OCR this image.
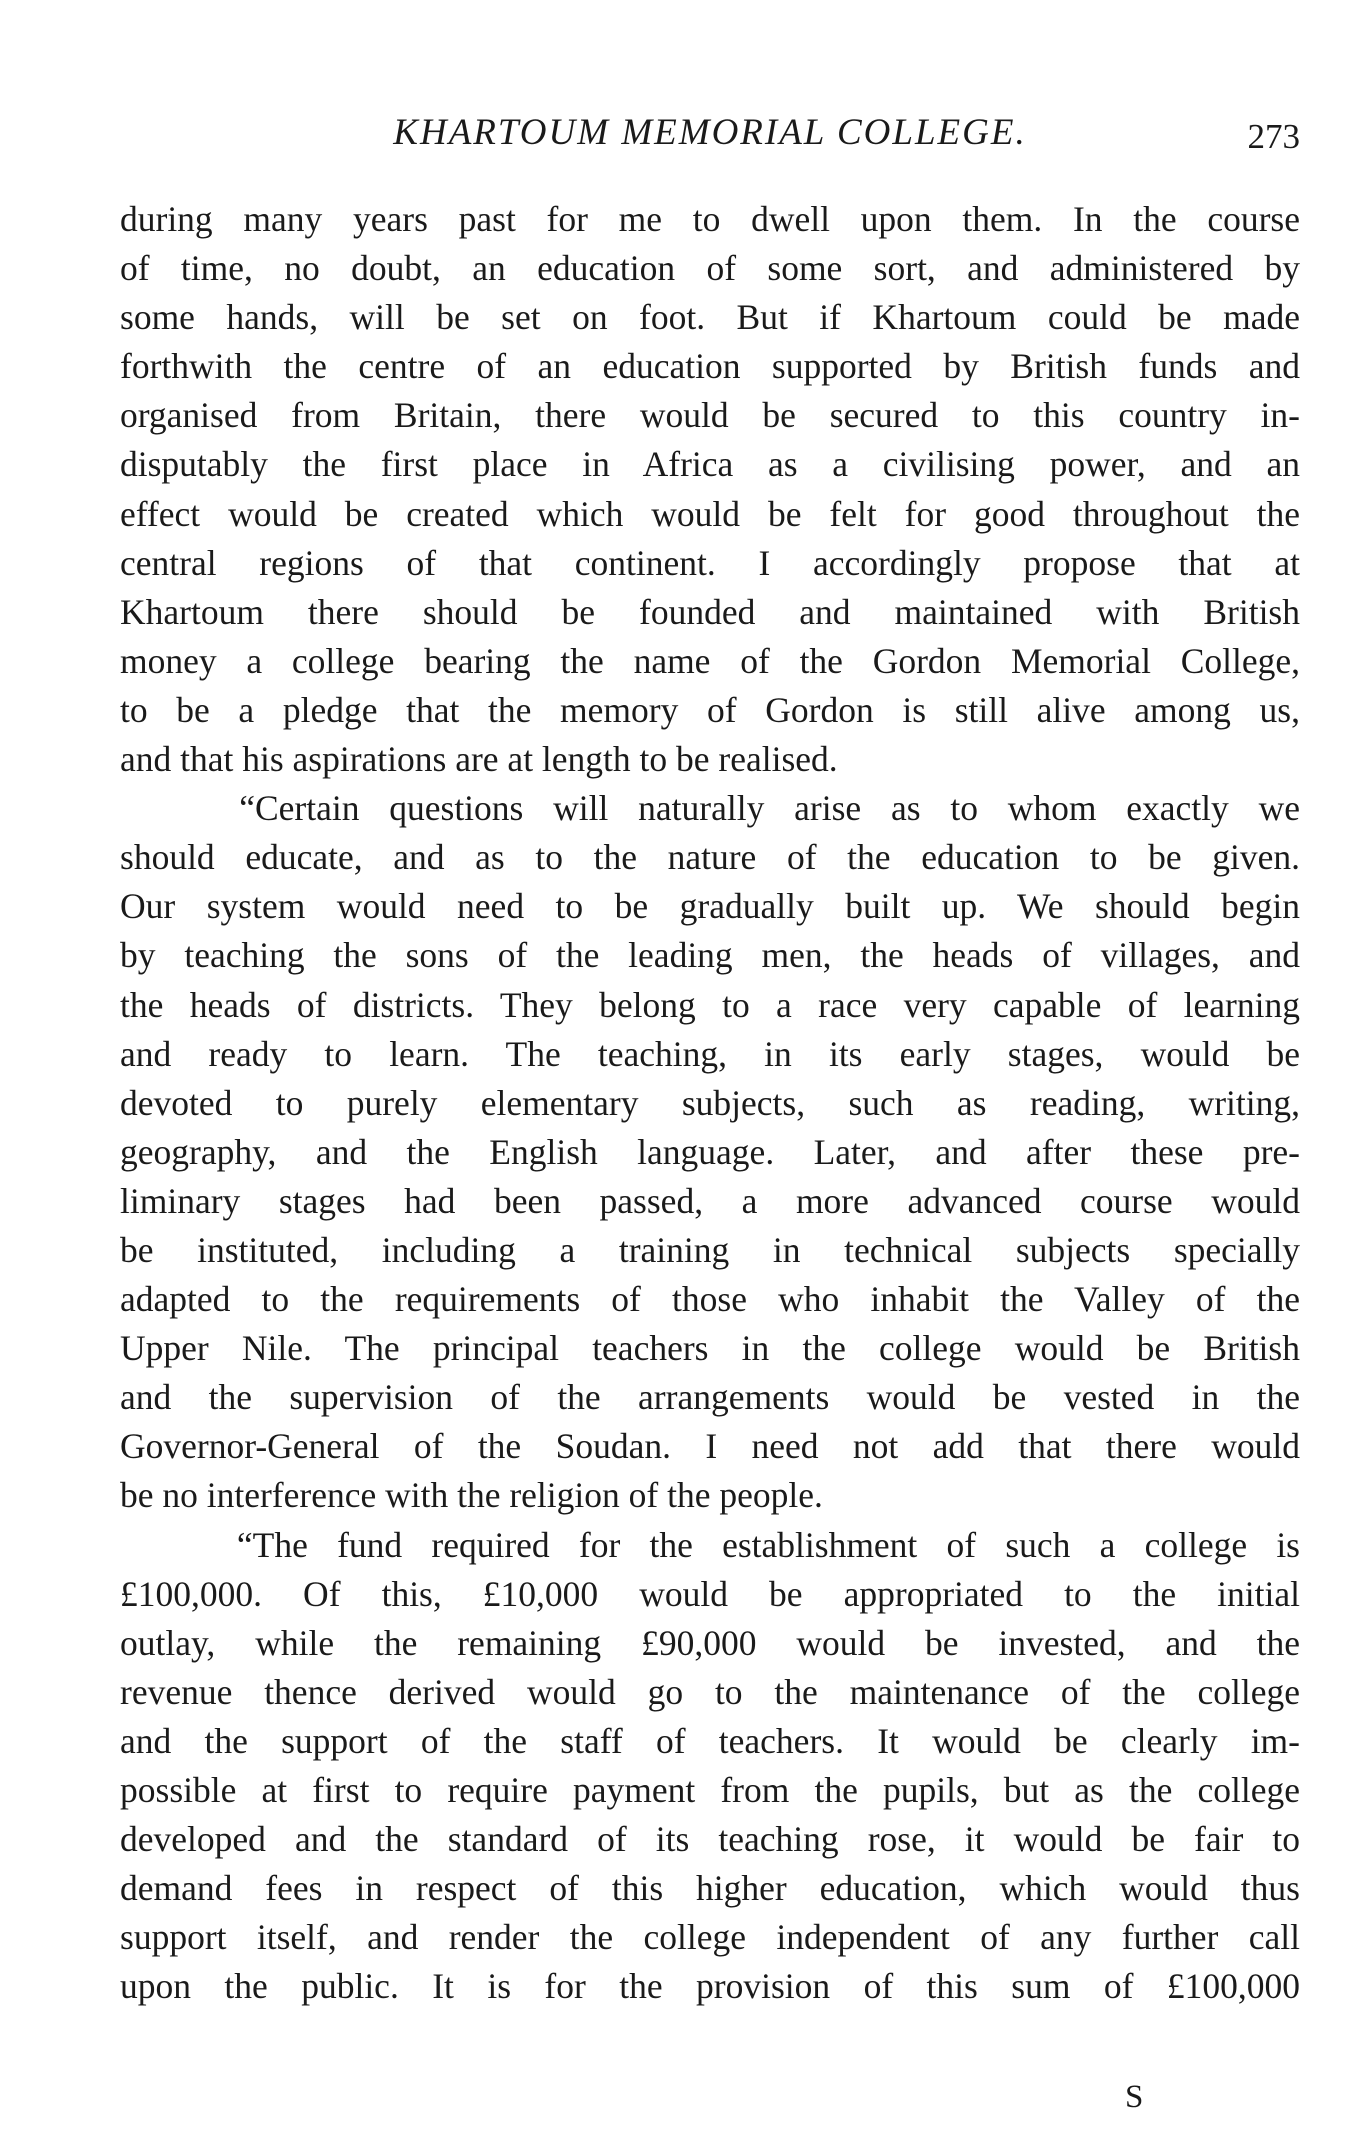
KHARTOUM MEMORIAL COLLEGE.	273
during many years past for me to dwell upon them. In the course
of time, no doubt, an education of some sort, and administered by
some hands, will be set on foot. But if Khartoum could be made
forthwith the centre of an education supported by British funds and
organised from Britain, there would be secured to this country in-
disputably the first place in Africa as a civilising power, and an
effect would be created which would be felt for good throughout the
central regions of that continent. I accordingly propose that at
Khartoum there should be founded and maintained with British
money a college bearing the name of the Gordon Memorial College,
to be a pledge that the memory of Gordon is still alive among us,
and that his aspirations are at length to be realised.
“Certain questions will naturally arise as to whom exactly we
should educate, and as to the nature of the education to be given.
Our system would need to be gradually built up. We should begin
by teaching the sons of the leading men, the heads of villages, and
the heads of districts. They belong to a race very capable of learning
and ready to learn. The teaching, in its early stages, would be
devoted to purely elementary subjects, such as reading, writing,
geography, and the English language. Later, and after these pre-
liminary stages had been passed, a more advanced course would
be instituted, including a training in technical subjects specially
adapted to the requirements of those who inhabit the Valley of the
Upper Nile. The principal teachers in the college would be British
and the supervision of the arrangements would be vested in the
Governor-General of the Soudan. I need not add that there would
be no interference with the religion of the people.
“The fund required for the establishment of such a college is
£100,000. Of this, £10,000 would be appropriated to the initial
outlay, while the remaining £90,000 would be invested, and the
revenue thence derived would go to the maintenance of the college
and the support of the staff of teachers. It would be clearly im-
possible at first to require payment from the pupils, but as the college
developed and the standard of its teaching rose, it would be fair to
demand fees in respect of this higher education, which would thus
support itself, and render the college independent of any further call
upon the public. It is for the provision of this sum of £100,000
S
